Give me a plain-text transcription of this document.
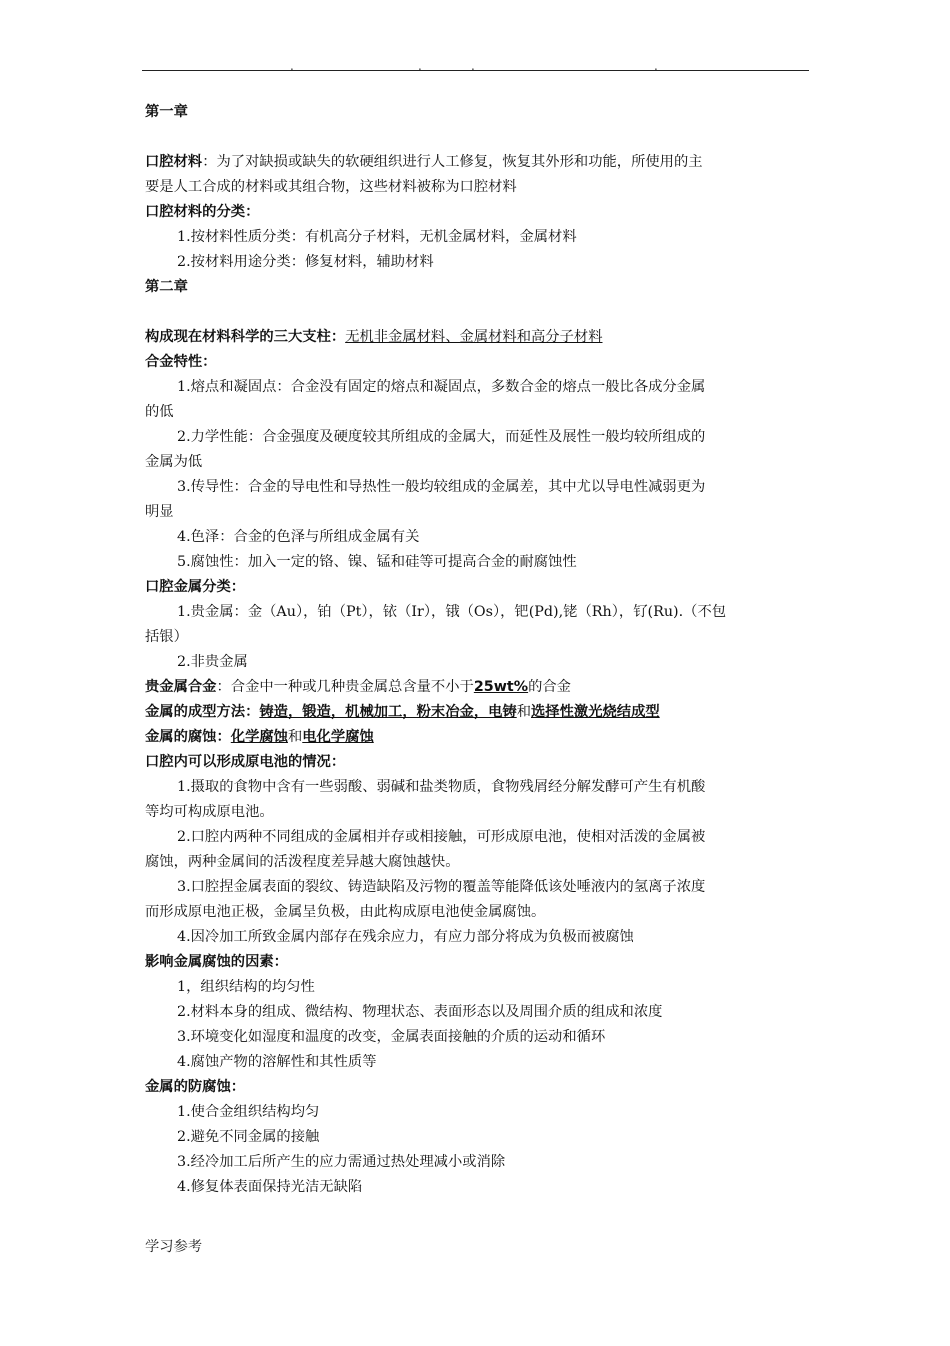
.	.	.	.
第一章
口腔材料：为了对缺损或缺失的软硬组织进行人工修复，恢复其外形和功能，所使用的主
要是人工合成的材料或其组合物，这些材料被称为口腔材料
口腔材料的分类：
1.按材料性质分类：有机高分子材料，无机金属材料，金属材料
2.按材料用途分类：修复材料，辅助材料
第二章
构成现在材料科学的三大支柱：无机非金属材料、金属材料和高分子材料
合金特性：
1.熔点和凝固点：合金没有固定的熔点和凝固点，多数合金的熔点一般比各成分金属
的低
2.力学性能：合金强度及硬度较其所组成的金属大，而延性及展性一般均较所组成的
金属为低
3.传导性：合金的导电性和导热性一般均较组成的金属差，其中尤以导电性减弱更为
明显
4.色泽：合金的色泽与所组成金属有关
5.腐蚀性：加入一定的铬、镍、锰和硅等可提高合金的耐腐蚀性
口腔金属分类：
1.贵金属：金（Au），铂（Pt），铱（Ir），锇（Os），钯(Pd),铑（Rh），钌(Ru).（不包
括银）
2.非贵金属
贵金属合金：合金中一种或几种贵金属总含量不小于25wt%的合金
金属的成型方法：铸造，锻造，机械加工，粉末冶金，电铸和选择性激光烧结成型
金属的腐蚀：化学腐蚀和电化学腐蚀
口腔内可以形成原电池的情况：
1.摄取的食物中含有一些弱酸、弱碱和盐类物质，食物残屑经分解发酵可产生有机酸
等均可构成原电池。
2.口腔内两种不同组成的金属相并存或相接触，可形成原电池，使相对活泼的金属被
腐蚀，两种金属间的活泼程度差异越大腐蚀越快。
3.口腔捏金属表面的裂纹、铸造缺陷及污物的覆盖等能降低该处唾液内的氢离子浓度
而形成原电池正极，金属呈负极，由此构成原电池使金属腐蚀。
4.因冷加工所致金属内部存在残余应力，有应力部分将成为负极而被腐蚀
影响金属腐蚀的因素：
1，组织结构的均匀性
2.材料本身的组成、微结构、物理状态、表面形态以及周围介质的组成和浓度
3.环境变化如湿度和温度的改变，金属表面接触的介质的运动和循环
4.腐蚀产物的溶解性和其性质等
金属的防腐蚀：
1.使合金组织结构均匀
2.避免不同金属的接触
3.经冷加工后所产生的应力需通过热处理减小或消除
4.修复体表面保持光洁无缺陷
学习参考
